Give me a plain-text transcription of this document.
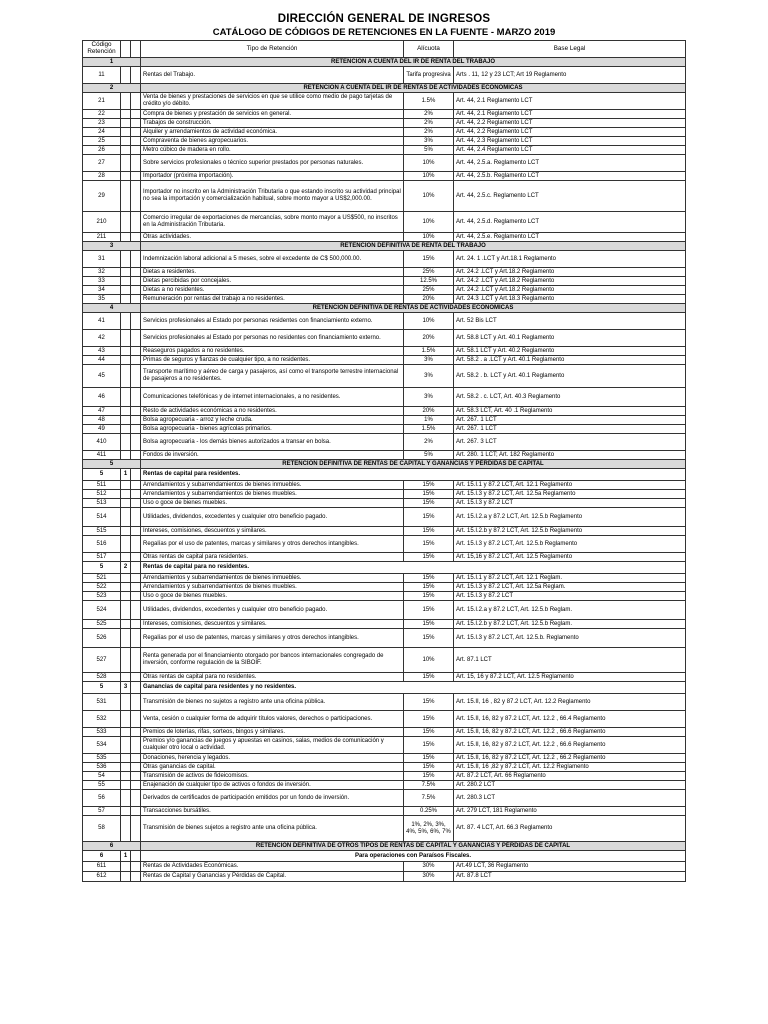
DIRECCIÓN GENERAL DE INGRESOS
CATÁLOGO DE CÓDIGOS DE RETENCIONES EN LA FUENTE - MARZO 2019
Código Retención			Tipo de Retención	Alícuota	Base Legal
1			RETENCIÓN A CUENTA DEL IR DE RENTA DEL TRABAJO		
11			Rentas del Trabajo.	Tarifa progresiva	Arts . 11, 12 y 23 LCT; Art 19 Reglamento
2			RETENCIÓN A CUENTA DEL IR DE RENTAS DE ACTIVIDADES ECONÓMICAS		
21			Venta de bienes y prestaciones de servicios en que se utilice como medio de pago tarjetas de crédito y/o débito.	1.5%	Art. 44, 2.1 Reglamento LCT
22			Compra de bienes y prestación de servicios en general.	2%	Art. 44, 2.1 Reglamento LCT
23			Trabajos de construcción.	2%	Art. 44, 2.2 Reglamento LCT
24			Alquiler y arrendamientos de actividad económica.	2%	Art. 44, 2.2 Reglamento LCT
25			Compraventa de bienes agropecuarios.	3%	Art. 44, 2.3 Reglamento LCT
26			Metro cúbico de madera en rollo.	5%	Art. 44, 2.4 Reglamento LCT
27			Sobre servicios profesionales o técnico superior prestados por personas naturales.	10%	Art. 44, 2.5.a. Reglamento LCT
28			Importador (próxima importación).	10%	Art. 44, 2.5.b. Reglamento LCT
29			Importador no inscrito en la Administración Tributaria o que estando inscrito su actividad principal no sea la importación y comercialización habitual, sobre monto mayor a US$2,000.00.	10%	Art. 44, 2.5.c. Reglamento LCT
210			Comercio irregular de exportaciones de mercancías, sobre monto mayor a US$500, no inscritos en la Administración Tributaria.	10%	Art. 44, 2.5.d. Reglamento LCT
211			Otras actividades.	10%	Art. 44, 2.5.e. Reglamento LCT
3			RETENCIÓN DEFINITIVA DE RENTA DEL TRABAJO		
31			Indemnización laboral adicional a 5 meses, sobre el excedente de C$ 500,000.00.	15%	Art. 24. 1 .LCT y Art.18.1 Reglamento
32			Dietas a residentes.	25%	Art. 24.2 .LCT y Art.18.2 Reglamento
33			Dietas percibidas por concejales.	12.5%	Art. 24.2 .LCT y Art.18.2 Reglamento
34			Dietas a no residentes.	25%	Art. 24.2 .LCT y Art.18.2 Reglamento
35			Remuneración por rentas del trabajo a no residentes.	20%	Art. 24.3 .LCT y Art.18.3 Reglamento
4			RETENCIÓN DEFINITIVA DE RENTAS DE ACTIVIDADES ECONÓMICAS		
41			Servicios profesionales al Estado por personas residentes con financiamiento externo.	10%	Art. 52 Bis LCT
42			Servicios profesionales al Estado por personas no residentes con financiamiento externo.	20%	Art. 58.8 LCT y Art. 40.1 Reglamento
43			Reaseguros pagados a no residentes.	1.5%	Art. 58.1 LCT y Art. 40.2 Reglamento
44			Primas de seguros y fianzas de cualquier tipo, a no residentes.	3%	Art. 58.2 . a .LCT y Art. 40.1 Reglamento
45			Transporte marítimo y aéreo de carga y pasajeros, así como el transporte terrestre internacional de pasajeros a no residentes.	3%	Art. 58.2 . b. LCT y Art. 40.1 Reglamento
46			Comunicaciones telefónicas y de internet internacionales, a no residentes.	3%	Art. 58.2 . c. LCT, Art. 40.3 Reglamento
47			Resto de actividades económicas a no residentes.	20%	Art. 58.3 LCT, Art. 40 .1 Reglamento
48			Bolsa agropecuaria - arroz y leche cruda.	1%	Art. 267. 1 LCT
49			Bolsa agropecuaria - bienes agrícolas primarios.	1.5%	Art. 267. 1 LCT
410			Bolsa agropecuaria - los demás bienes autorizados a transar en bolsa.	2%	Art. 267. 3 LCT
411			Fondos de inversión.	5%	Art. 280. 1 LCT; Art. 182 Reglamento
5			RETENCIÓN DEFINITIVA DE RENTAS DE CAPITAL Y GANANCIAS Y PÉRDIDAS DE CAPITAL		
5	1		Rentas de capital para residentes.		
511			Arrendamientos y subarrendamientos de bienes inmuebles.	15%	Art. 15.I.1 y 87.2 LCT, Art. 12.1 Reglamento
512			Arrendamientos y subarrendamientos de bienes muebles.	15%	Art. 15.I.3 y 87.2 LCT, Art. 12.5a Reglamento
513			Uso o goce de bienes muebles.	15%	Art. 15.I.3 y 87.2 LCT
514			Utilidades, dividendos, excedentes y cualquier otro beneficio pagado.	15%	Art. 15.I.2.a y 87.2 LCT, Art. 12.5.b Reglamento
515			Intereses, comisiones, descuentos y similares.	15%	Art. 15.I.2.b y 87.2 LCT, Art. 12.5.b Reglamento
516			Regalías por el uso de patentes, marcas y similares y otros derechos intangibles.	15%	Art. 15.I.3 y 87.2 LCT, Art. 12.5.b Reglamento
517			Otras rentas de capital para residentes.	15%	Art. 15,16 y 87.2 LCT, Art. 12.5 Reglamento
5	2		Rentas de capital para no residentes.		
521			Arrendamientos y subarrendamientos de bienes inmuebles.	15%	Art. 15.I.1 y 87.2 LCT, Art. 12.1 Reglam.
522			Arrendamientos y subarrendamientos de bienes muebles.	15%	Art. 15.I.3 y 87.2 LCT, Art. 12.5a Reglam.
523			Uso o goce de bienes muebles.	15%	Art. 15.I.3 y 87.2 LCT
524			Utilidades, dividendos, excedentes y cualquier otro beneficio pagado.	15%	Art. 15.I.2.a y 87.2 LCT, Art. 12.5.b Reglam.
525			Intereses, comisiones, descuentos y similares.	15%	Art. 15.I.2.b y 87.2 LCT, Art. 12.5.b Reglam.
526			Regalías por el uso de patentes, marcas y similares y otros derechos intangibles.	15%	Art. 15.I.3 y 87.2 LCT, Art. 12.5.b. Reglamento
527			Renta generada por el financiamiento otorgado por bancos internacionales congregado de inversión, conforme regulación de la SIBOIF.	10%	Art. 87.1 LCT
528			Otras rentas de capital para no residentes.	15%	Art. 15, 16 y 87.2 LCT, Art. 12.5 Reglamento
5	3		Ganancias de capital para residentes y no residentes.		
531			Transmisión de bienes no sujetos a registro ante una oficina pública.	15%	Art. 15.II, 16 , 82 y 87.2 LCT, Art. 12.2 Reglamento
532			Venta, cesión o cualquier forma de adquirir títulos valores, derechos o participaciones.	15%	Art. 15.II, 16, 82 y 87.2 LCT, Art. 12.2 , 66.4 Reglamento
533			Premios de loterías, rifas, sorteos, bingos y similares.	15%	Art. 15.II, 16, 82 y 87.2 LCT, Art. 12.2 , 66.6 Reglamento
534			Premios y/o ganancias de juegos y apuestas en casinos, salas, medios de comunicación y cualquier otro local o actividad.	15%	Art. 15.II, 16, 82 y 87.2 LCT, Art. 12.2 , 66.6 Reglamento
535			Donaciones, herencia y legados.	15%	Art. 15.II, 16, 82 y 87.2 LCT, Art. 12.2 , 66.2 Reglamento
536			Otras ganancias de capital.	15%	Art. 15.II, 16 ,82 y 87.2 LCT, Art. 12.2 Reglamento
54			Transmisión de activos de fideicomisos.	15%	Art. 87.2 LCT, Art. 66 Reglamento
55			Enajenación de cualquier tipo de activos o fondos de inversión.	7.5%	Art. 280.2 LCT
56			Derivados de certificados de participación emitidos por un fondo de inversión.	7.5%	Art. 280.3 LCT
57			Transacciones bursátiles.	0.25%	Art. 279 LCT, 181 Reglamento
58			Transmisión de bienes sujetos a registro ante una oficina pública.	1%, 2%, 3%, 4%, 5%, 6%, 7%	Art. 87. 4 LCT, Art. 66.3 Reglamento
6			RETENCIÓN DEFINITIVA DE OTROS TIPOS DE RENTAS DE CAPITAL Y GANANCIAS Y PÉRDIDAS DE CAPITAL		
6	1		Para operaciones con Paraísos Fiscales.		
611			Rentas de Actividades Económicas.	30%	Art.49 LCT, 36 Reglamento
612			Rentas de Capital y Ganancias y Pérdidas de Capital.	30%	Art. 87.8 LCT
